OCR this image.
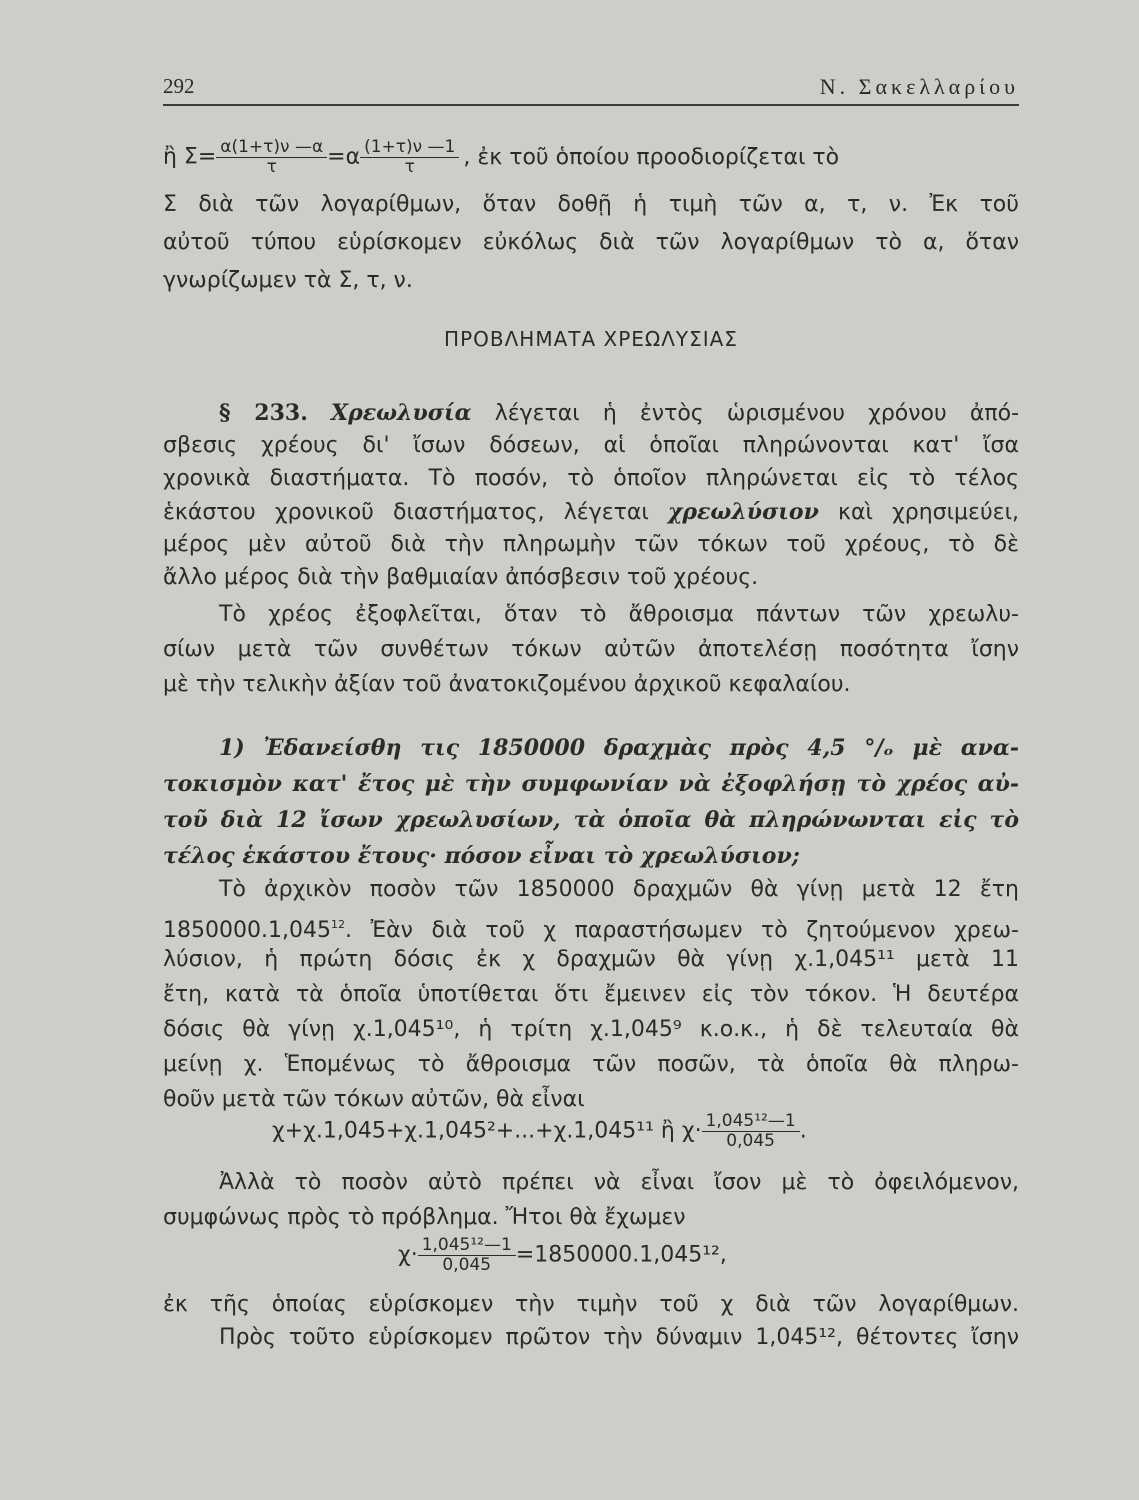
292	Ν. Σακελλαρίου
ἢ $\Sigma= \frac{\alpha(1+\tau)\nu —\alpha}{\tau} =\alpha \frac{(1+\tau)\nu —1}{\tau}$ , ἐκ τοῦ ὁποίου προοδιορίζεται τὸ
Σ διὰ τῶν λογαρίθμων, ὅταν δοθῇ ἡ τιμὴ τῶν α, τ, ν. Ἐκ τοῦ
αὐτοῦ τύπου εὑρίσκομεν εὐκόλως διὰ τῶν λογαρίθμων τὸ α, ὅταν
γνωρίζωμεν τὰ Σ, τ, ν.
ΠΡΟΒΛΗΜΑΤΑ ΧΡΕΩΛΥΣΙΑΣ
§ 233. Χρεωλυσία λέγεται ἡ ἐντὸς ὡρισμένου χρόνου ἀπό-
σβεσις χρέους δι' ἴσων δόσεων, αἱ ὁποῖαι πληρώνονται κατ' ἴσα
χρονικὰ διαστήματα. Τὸ ποσόν, τὸ ὁποῖον πληρώνεται εἰς τὸ τέλος
ἑκάστου χρονικοῦ διαστήματος, λέγεται χρεωλύσιον καὶ χρησιμεύει,
μέρος μὲν αὐτοῦ διὰ τὴν πληρωμὴν τῶν τόκων τοῦ χρέους, τὸ δὲ
ἄλλο μέρος διὰ τὴν βαθμιαίαν ἀπόσβεσιν τοῦ χρέους.
Τὸ χρέος ἐξοφλεῖται, ὅταν τὸ ἄθροισμα πάντων τῶν χρεωλυ-
σίων μετὰ τῶν συνθέτων τόκων αὐτῶν ἀποτελέσῃ ποσότητα ἴσην
μὲ τὴν τελικὴν ἀξίαν τοῦ ἀνατοκιζομένου ἀρχικοῦ κεφαλαίου.
1) Ἐδανείσθη τις 1850000 δραχμὰς πρὸς 4,5 °/ₒ μὲ ανα-
τοκισμὸν κατ' ἔτος μὲ τὴν συμφωνίαν νὰ ἐξοφλήσῃ τὸ χρέος αὐ-
τοῦ διὰ 12 ἴσων χρεωλυσίων, τὰ ὁποῖα θὰ πληρώνωνται εἰς τὸ
τέλος ἑκάστου ἔτους· πόσον εἶναι τὸ χρεωλύσιον;
Τὸ ἀρχικὸν ποσὸν τῶν 1850000 δραχμῶν θὰ γίνῃ μετὰ 12 ἔτη
1850000.1,045$^{12}$. Ἐὰν διὰ τοῦ χ παραστήσωμεν τὸ ζητούμενον χρεω-
λύσιον, ἡ πρώτη δόσις ἐκ χ δραχμῶν θὰ γίνῃ χ.1,045¹¹ μετὰ 11
ἔτη, κατὰ τὰ ὁποῖα ὑποτίθεται ὅτι ἔμεινεν εἰς τὸν τόκον. Ἡ δευτέρα
δόσις θὰ γίνῃ χ.1,045¹⁰, ἡ τρίτη χ.1,045⁹ κ.ο.κ., ἡ δὲ τελευταία θὰ
μείνῃ χ. Ἑπομένως τὸ ἄθροισμα τῶν ποσῶν, τὰ ὁποῖα θὰ πληρω-
θοῦν μετὰ τῶν τόκων αὐτῶν, θὰ εἶναι
χ+χ.1,045+χ.1,045²+...+χ.1,045¹¹ ἢ $\chi\cdot \frac{\text{1,045¹²—1}}{0,045}$ .
Ἀλλὰ τὸ ποσὸν αὐτὸ πρέπει νὰ εἶναι ἴσον μὲ τὸ ὀφειλόμενον,
συμφώνως πρὸς τὸ πρόβλημα. Ἤτοι θὰ ἔχωμεν
$\chi\cdot \frac{\text{1,045¹²—1}}{0,045} =1850000.1,045^{12}$,
ἐκ τῆς ὁποίας εὑρίσκομεν τὴν τιμὴν τοῦ χ διὰ τῶν λογαρίθμων.
Πρὸς τοῦτο εὑρίσκομεν πρῶτον τὴν δύναμιν 1,045¹², θέτοντες ἴσην
